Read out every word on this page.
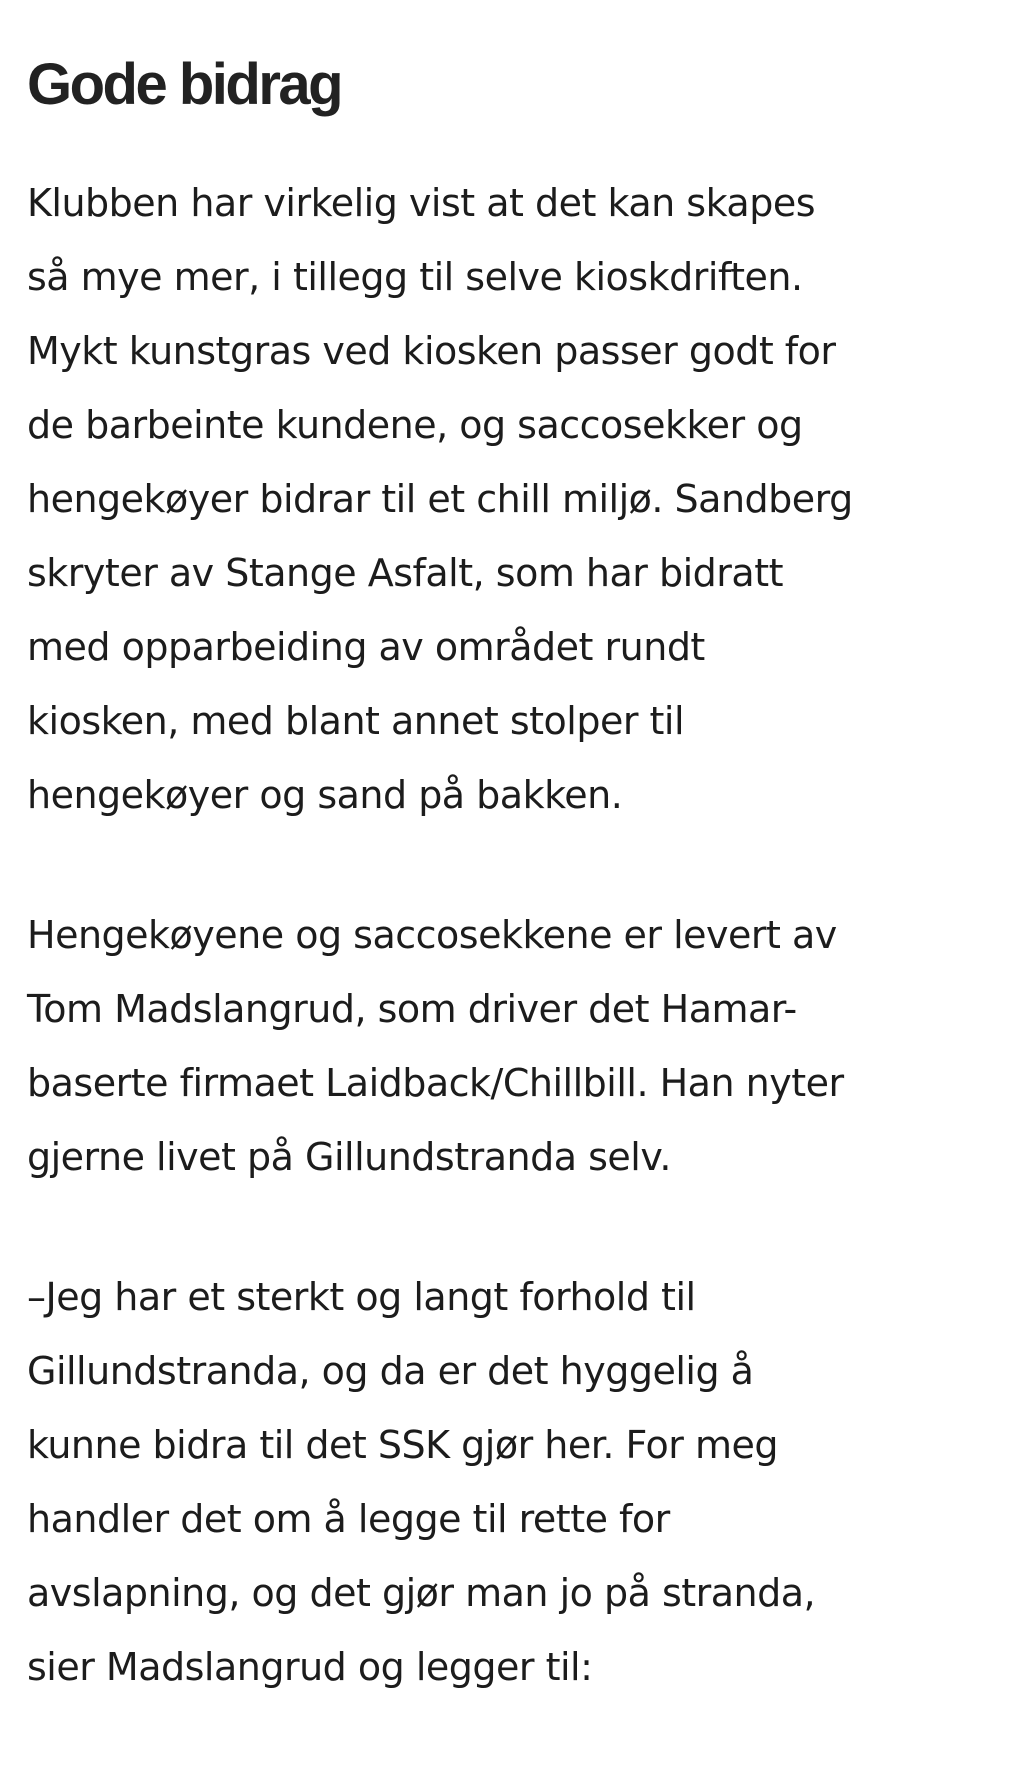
Gode bidrag

Klubben har virkelig vist at det kan skapes
så mye mer, i tillegg til selve kioskdriften.
Mykt kunstgras ved kiosken passer godt for
de barbeinte kundene, og saccosekker og
hengekøyer bidrar til et chill miljø. Sandberg
skryter av Stange Asfalt, som har bidratt
med opparbeiding av området rundt
kiosken, med blant annet stolper til
hengekøyer og sand på bakken.

Hengekøyene og saccosekkene er levert av
Tom Madslangrud, som driver det Hamar-
baserte firmaet Laidback/Chillbill. Han nyter
gjerne livet på Gillundstranda selv.

–Jeg har et sterkt og langt forhold til
Gillundstranda, og da er det hyggelig å
kunne bidra til det SSK gjør her. For meg
handler det om å legge til rette for
avslapning, og det gjør man jo på stranda,
sier Madslangrud og legger til:
